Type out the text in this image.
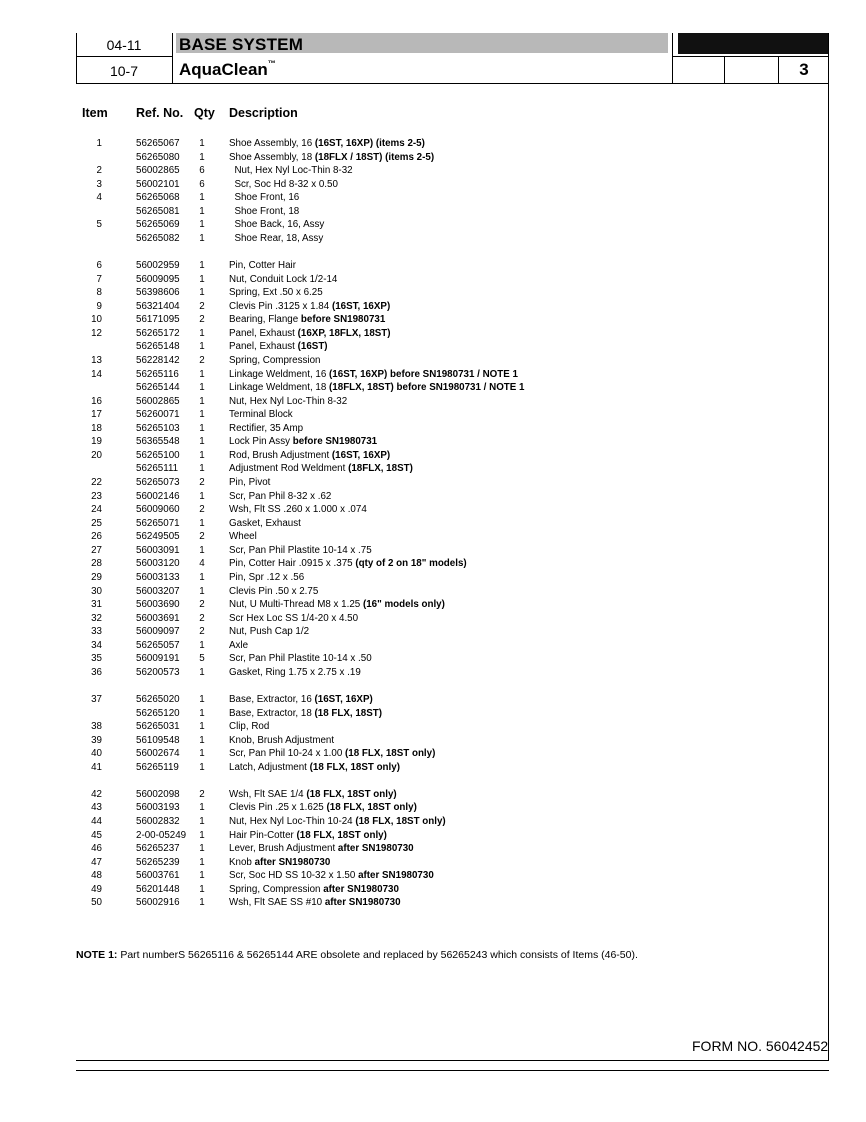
04-11
10-7
BASE SYSTEM
AquaClean™	3
Item Ref. No. Qty Description
1	56265067	1	Shoe Assembly, 16 (16ST, 16XP) (items 2-5)
56265080	1	Shoe Assembly, 18 (18FLX / 18ST) (items 2-5)
2	56002865	6	Nut, Hex Nyl Loc-Thin 8-32
3	56002101	6	Scr, Soc Hd 8-32 x 0.50
4	56265068	1	Shoe Front, 16
56265081	1	Shoe Front, 18
5	56265069	1	Shoe Back, 16, Assy
56265082	1	Shoe Rear, 18, Assy
6	56002959	1	Pin, Cotter Hair
7	56009095	1	Nut, Conduit Lock 1/2-14
8	56398606	1	Spring, Ext .50 x 6.25
9	56321404	2	Clevis Pin .3125 x 1.84 (16ST, 16XP)
10	56171095	2	Bearing, Flange before SN1980731
12	56265172	1	Panel, Exhaust (16XP, 18FLX, 18ST)
56265148	1	Panel, Exhaust (16ST)
13	56228142	2	Spring, Compression
14	56265116	1	Linkage Weldment, 16 (16ST, 16XP) before SN1980731 / NOTE 1
56265144	1	Linkage Weldment, 18 (18FLX, 18ST) before SN1980731 / NOTE 1
16	56002865	1	Nut, Hex Nyl Loc-Thin 8-32
17	56260071	1	Terminal Block
18	56265103	1	Rectifier, 35 Amp
19	56365548	1	Lock Pin Assy before SN1980731
20	56265100	1	Rod, Brush Adjustment (16ST, 16XP)
56265111	1	Adjustment Rod Weldment (18FLX, 18ST)
22	56265073	2	Pin, Pivot
23	56002146	1	Scr, Pan Phil 8-32 x .62
24	56009060	2	Wsh, Flt SS .260 x 1.000 x .074
25	56265071	1	Gasket, Exhaust
26	56249505	2	Wheel
27	56003091	1	Scr, Pan Phil Plastite 10-14 x .75
28	56003120	4	Pin, Cotter Hair .0915 x .375 (qty of 2 on 18" models)
29	56003133	1	Pin, Spr .12 x .56
30	56003207	1	Clevis Pin .50 x 2.75
31	56003690	2	Nut, U Multi-Thread M8 x 1.25 (16" models only)
32	56003691	2	Scr Hex Loc SS 1/4-20 x 4.50
33	56009097	2	Nut, Push Cap 1/2
34	56265057	1	Axle
35	56009191	5	Scr, Pan Phil Plastite 10-14 x .50
36	56200573	1	Gasket, Ring 1.75 x 2.75 x .19
37	56265020	1	Base, Extractor, 16 (16ST, 16XP)
56265120	1	Base, Extractor, 18 (18 FLX, 18ST)
38	56265031	1	Clip, Rod
39	56109548	1	Knob, Brush Adjustment
40	56002674	1	Scr, Pan Phil 10-24 x 1.00 (18 FLX, 18ST only)
41	56265119	1	Latch, Adjustment (18 FLX, 18ST only)
42	56002098	2	Wsh, Flt SAE 1/4 (18 FLX, 18ST only)
43	56003193	1	Clevis Pin .25 x 1.625 (18 FLX, 18ST only)
44	56002832	1	Nut, Hex Nyl Loc-Thin 10-24 (18 FLX, 18ST only)
45	2-00-05249	1	Hair Pin-Cotter (18 FLX, 18ST only)
46	56265237	1	Lever, Brush Adjustment after SN1980730
47	56265239	1	Knob after SN1980730
48	56003761	1	Scr, Soc HD SS 10-32 x 1.50 after SN1980730
49	56201448	1	Spring, Compression after SN1980730
50	56002916	1	Wsh, Flt SAE SS #10 after SN1980730
NOTE 1: Part numberS 56265116 & 56265144 ARE obsolete and replaced by 56265243 which consists of Items (46-50).
FORM NO. 56042452
